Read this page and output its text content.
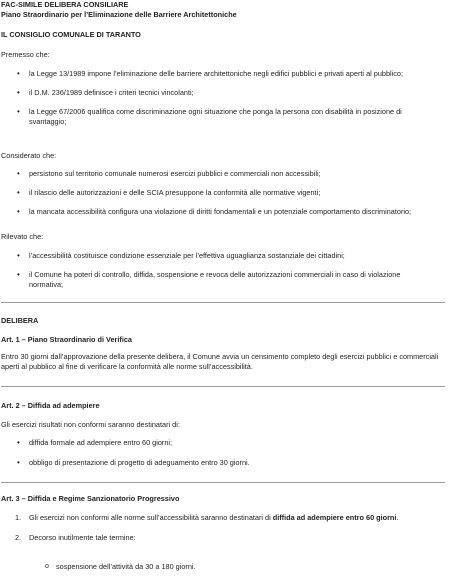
FAC-SIMILE DELIBERA CONSILIARE

Piano Straordinario per l’Eliminazione delle Barriere Architettoniche

IL CONSIGLIO COMUNALE DI TARANTO

Premesso che:

• la Legge 13/1989 impone l’eliminazione delle barriere architettoniche negli edifici pubblici e privati aperti al pubblico;
• il D.M. 236/1989 definisce i criteri tecnici vincolanti;
• la Legge 67/2006 qualifica come discriminazione ogni situazione che ponga la persona con disabilità in posizione di svantaggio;

Considerato che:

• persistono sul territorio comunale numerosi esercizi pubblici e commerciali non accessibili;
• il rilascio delle autorizzazioni e delle SCIA presuppone la conformità alle normative vigenti;
• la mancata accessibilità configura una violazione di diritti fondamentali e un potenziale comportamento discriminatorio;

Rilevato che:

• l’accessibilità costituisce condizione essenziale per l’effettiva uguaglianza sostanziale dei cittadini;
• il Comune ha poteri di controllo, diffida, sospensione e revoca delle autorizzazioni commerciali in caso di violazione normativa;

DELIBERA

Art. 1 – Piano Straordinario di Verifica

Entro 30 giorni dall’approvazione della presente delibera, il Comune avvia un censimento completo degli esercizi pubblici e commerciali aperti al pubblico al fine di verificare la conformità alle norme sull’accessibilità.

Art. 2 – Diffida ad adempiere

Gli esercizi risultati non conformi saranno destinatari di:

• diffida formale ad adempiere entro 60 giorni;
• obbligo di presentazione di progetto di adeguamento entro 30 giorni.

Art. 3 – Diffida e Regime Sanzionatorio Progressivo

1. Gli esercizi non conformi alle norme sull’accessibilità saranno destinatari di diffida ad adempiere entro 60 giorni.
2. Decorso inutilmente tale termine:
o sospensione dell’attività da 30 a 180 giorni.
